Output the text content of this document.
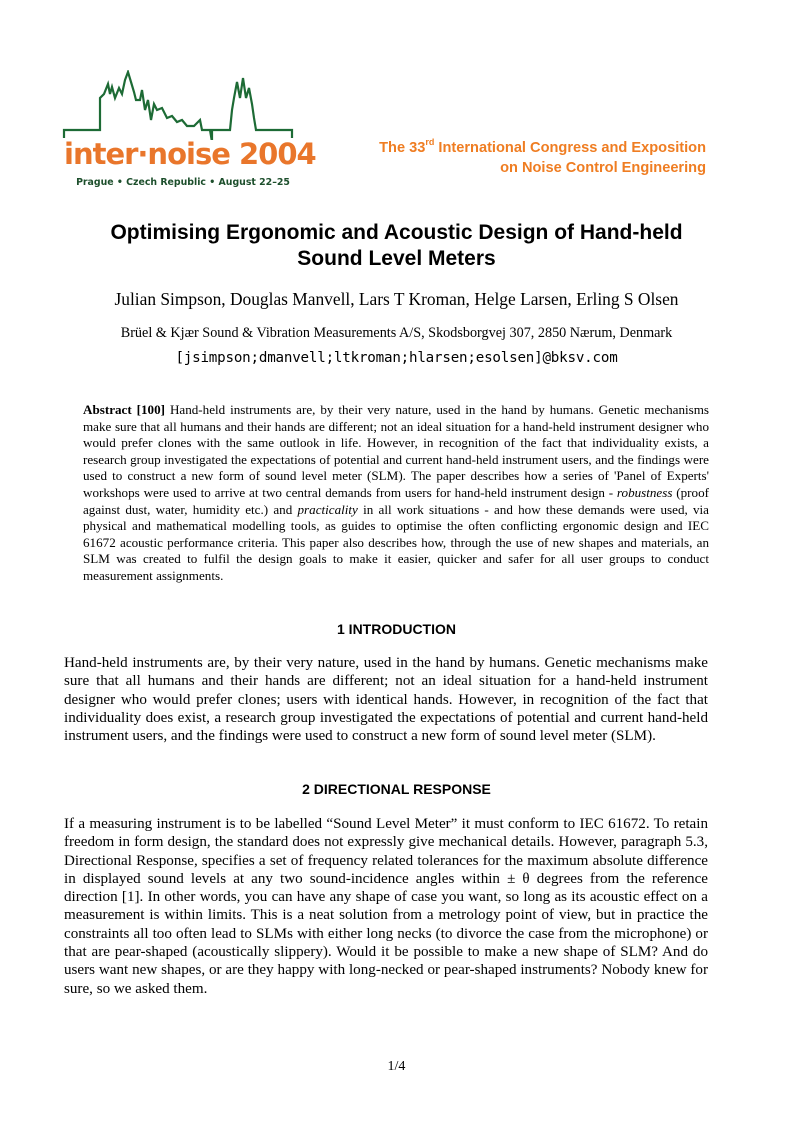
inter·noise 2004
Prague • Czech Republic • August 22–25
The 33rd International Congress and Exposition
on Noise Control Engineering
Optimising Ergonomic and Acoustic Design of Hand-held
Sound Level Meters
Julian Simpson, Douglas Manvell, Lars T Kroman, Helge Larsen, Erling S Olsen
Brüel & Kjær Sound & Vibration Measurements A/S, Skodsborgvej 307, 2850 Nærum, Denmark
[jsimpson;dmanvell;ltkroman;hlarsen;esolsen]@bksv.com

Abstract [100] Hand-held instruments are, by their very nature, used in the hand by humans. Genetic mechanisms make sure that all humans and their hands are different; not an ideal situation for a hand-held instrument designer who would prefer clones with the same outlook in life. However, in recognition of the fact that individuality exists, a research group investigated the expectations of potential and current hand-held instrument users, and the findings were used to construct a new form of sound level meter (SLM). The paper describes how a series of 'Panel of Experts' workshops were used to arrive at two central demands from users for hand-held instrument design - robustness (proof against dust, water, humidity etc.) and practicality in all work situations - and how these demands were used, via physical and mathematical modelling tools, as guides to optimise the often conflicting ergonomic design and IEC 61672 acoustic performance criteria. This paper also describes how, through the use of new shapes and materials, an SLM was created to fulfil the design goals to make it easier, quicker and safer for all user groups to conduct measurement assignments.

1 INTRODUCTION

Hand-held instruments are, by their very nature, used in the hand by humans. Genetic mechanisms make sure that all humans and their hands are different; not an ideal situation for a hand-held instrument designer who would prefer clones; users with identical hands. However, in recognition of the fact that individuality does exist, a research group investigated the expectations of potential and current hand-held instrument users, and the findings were used to construct a new form of sound level meter (SLM).

2 DIRECTIONAL RESPONSE

If a measuring instrument is to be labelled “Sound Level Meter” it must conform to IEC 61672. To retain freedom in form design, the standard does not expressly give mechanical details. However, paragraph 5.3, Directional Response, specifies a set of frequency related tolerances for the maximum absolute difference in displayed sound levels at any two sound-incidence angles within ± θ degrees from the reference direction [1]. In other words, you can have any shape of case you want, so long as its acoustic effect on a measurement is within limits. This is a neat solution from a metrology point of view, but in practice the constraints all too often lead to SLMs with either long necks (to divorce the case from the microphone) or that are pear-shaped (acoustically slippery). Would it be possible to make a new shape of SLM? And do users want new shapes, or are they happy with long-necked or pear-shaped instruments? Nobody knew for sure, so we asked them.

1/4
